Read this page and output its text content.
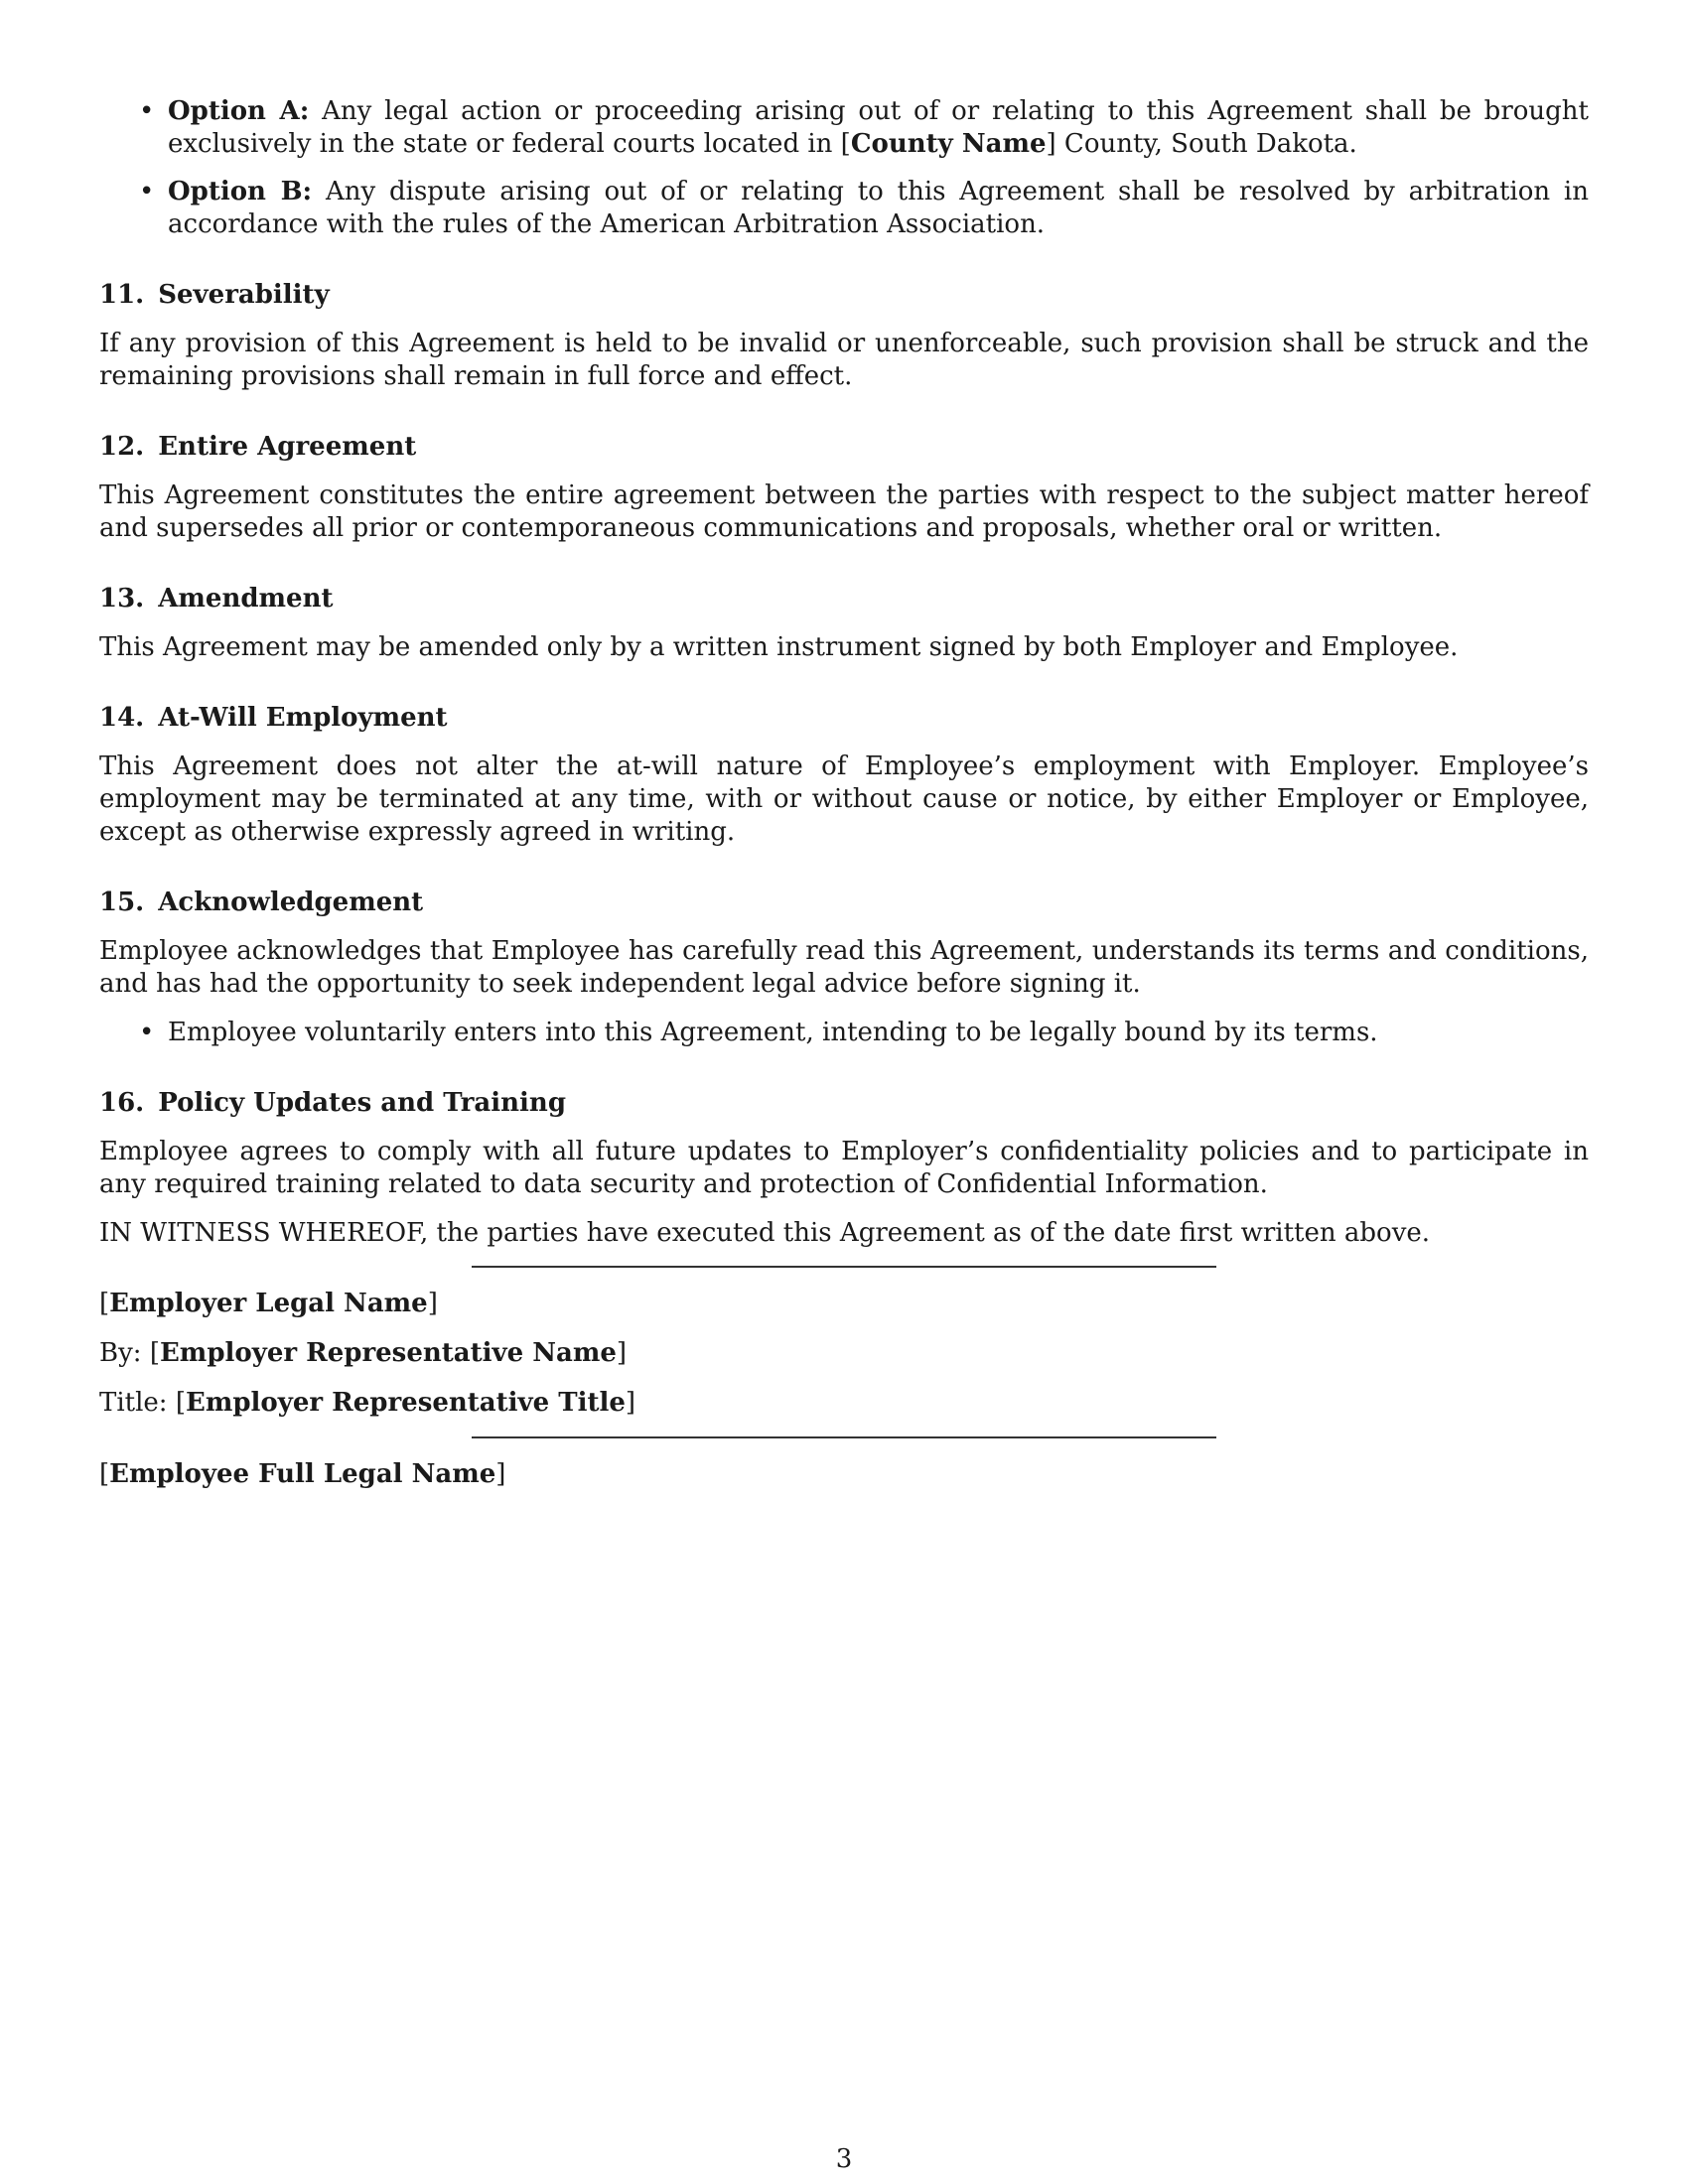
• Option A: Any legal action or proceeding arising out of or relating to this Agreement shall be brought exclusively in the state or federal courts located in [County Name] County, South Dakota.
• Option B: Any dispute arising out of or relating to this Agreement shall be resolved by arbitration in accordance with the rules of the American Arbitration Association.
11. Severability

If any provision of this Agreement is held to be invalid or unenforceable, such provision shall be struck and the remaining provisions shall remain in full force and effect.

12. Entire Agreement

This Agreement constitutes the entire agreement between the parties with respect to the subject matter hereof and supersedes all prior or contemporaneous communications and proposals, whether oral or written.

13. Amendment

This Agreement may be amended only by a written instrument signed by both Employer and Employee.

14. At-Will Employment

This Agreement does not alter the at-will nature of Employee’s employment with Employer. Employee’s employment may be terminated at any time, with or without cause or notice, by either Employer or Employee, except as otherwise expressly agreed in writing.

15. Acknowledgement

Employee acknowledges that Employee has carefully read this Agreement, understands its terms and conditions, and has had the opportunity to seek independent legal advice before signing it.

• Employee voluntarily enters into this Agreement, intending to be legally bound by its terms.
16. Policy Updates and Training

Employee agrees to comply with all future updates to Employer’s confidentiality policies and to participate in any required training related to data security and protection of Confidential Information.

IN WITNESS WHEREOF, the parties have executed this Agreement as of the date first written above.

[Employer Legal Name]
By: [Employer Representative Name]
Title: [Employer Representative Title]
[Employee Full Legal Name]
3
